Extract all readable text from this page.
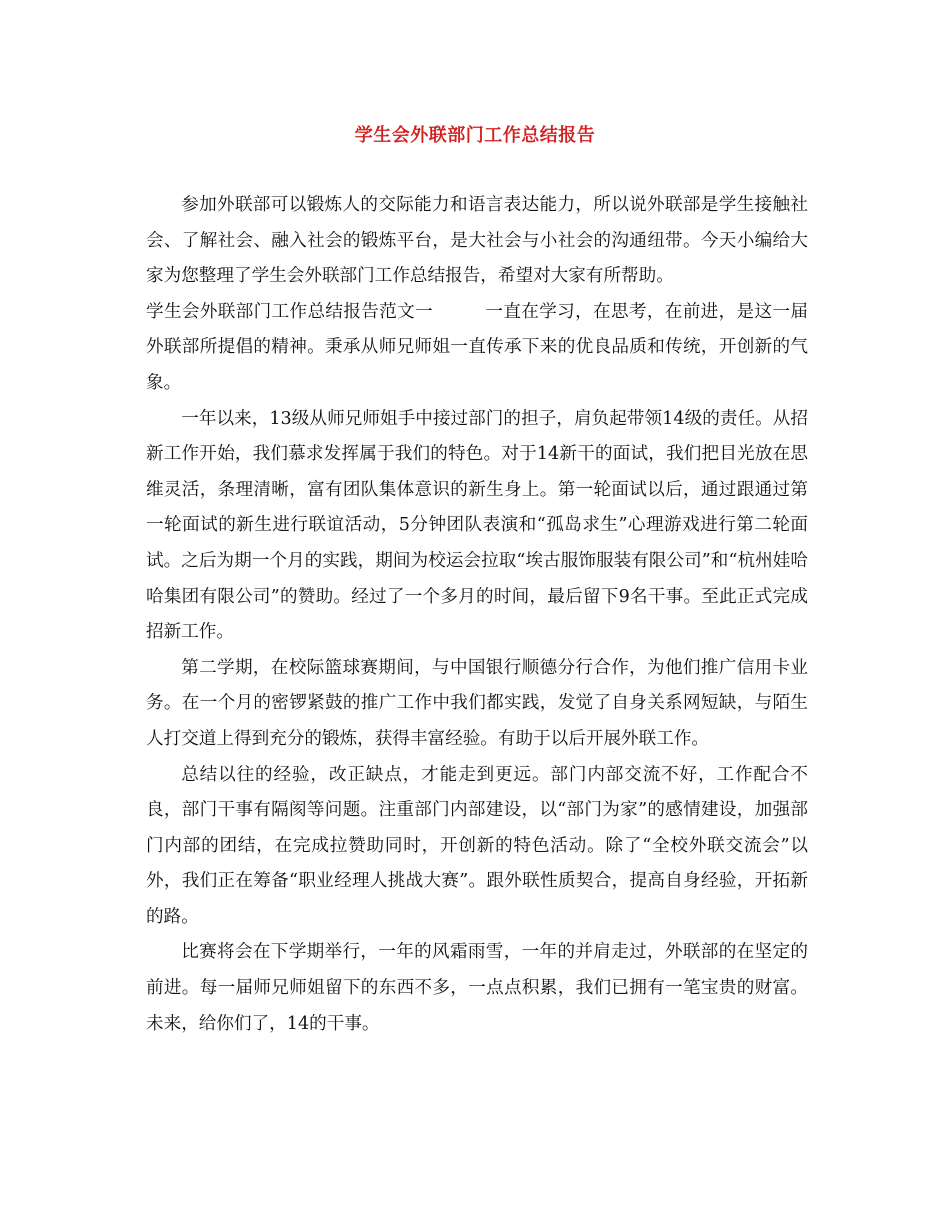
学生会外联部门工作总结报告

参加外联部可以锻炼人的交际能力和语言表达能力，所以说外联部是学生接触社会、了解社会、融入社会的锻炼平台，是大社会与小社会的沟通纽带。今天小编给大家为您整理了学生会外联部门工作总结报告，希望对大家有所帮助。

学生会外联部门工作总结报告范文一	一直在学习，在思考，在前进，是这一届外联部所提倡的精神。秉承从师兄师姐一直传承下来的优良品质和传统，开创新的气象。

一年以来，13级从师兄师姐手中接过部门的担子，肩负起带领14级的责任。从招新工作开始，我们慕求发挥属于我们的特色。对于14新干的面试，我们把目光放在思维灵活，条理清晰，富有团队集体意识的新生身上。第一轮面试以后，通过跟通过第一轮面试的新生进行联谊活动，5分钟团队表演和“孤岛求生”心理游戏进行第二轮面试。之后为期一个月的实践，期间为校运会拉取“埃古服饰服装有限公司”和“杭州娃哈哈集团有限公司”的赞助。经过了一个多月的时间，最后留下9名干事。至此正式完成招新工作。

第二学期，在校际篮球赛期间，与中国银行顺德分行合作，为他们推广信用卡业务。在一个月的密锣紧鼓的推广工作中我们都实践，发觉了自身关系网短缺，与陌生人打交道上得到充分的锻炼，获得丰富经验。有助于以后开展外联工作。

总结以往的经验，改正缺点，才能走到更远。部门内部交流不好，工作配合不良，部门干事有隔阂等问题。注重部门内部建设，以“部门为家”的感情建设，加强部门内部的团结，在完成拉赞助同时，开创新的特色活动。除了“全校外联交流会”以外，我们正在筹备“职业经理人挑战大赛”。跟外联性质契合，提高自身经验，开拓新的路。

比赛将会在下学期举行，一年的风霜雨雪，一年的并肩走过，外联部的在坚定的前进。每一届师兄师姐留下的东西不多，一点点积累，我们已拥有一笔宝贵的财富。未来，给你们了，14的干事。
